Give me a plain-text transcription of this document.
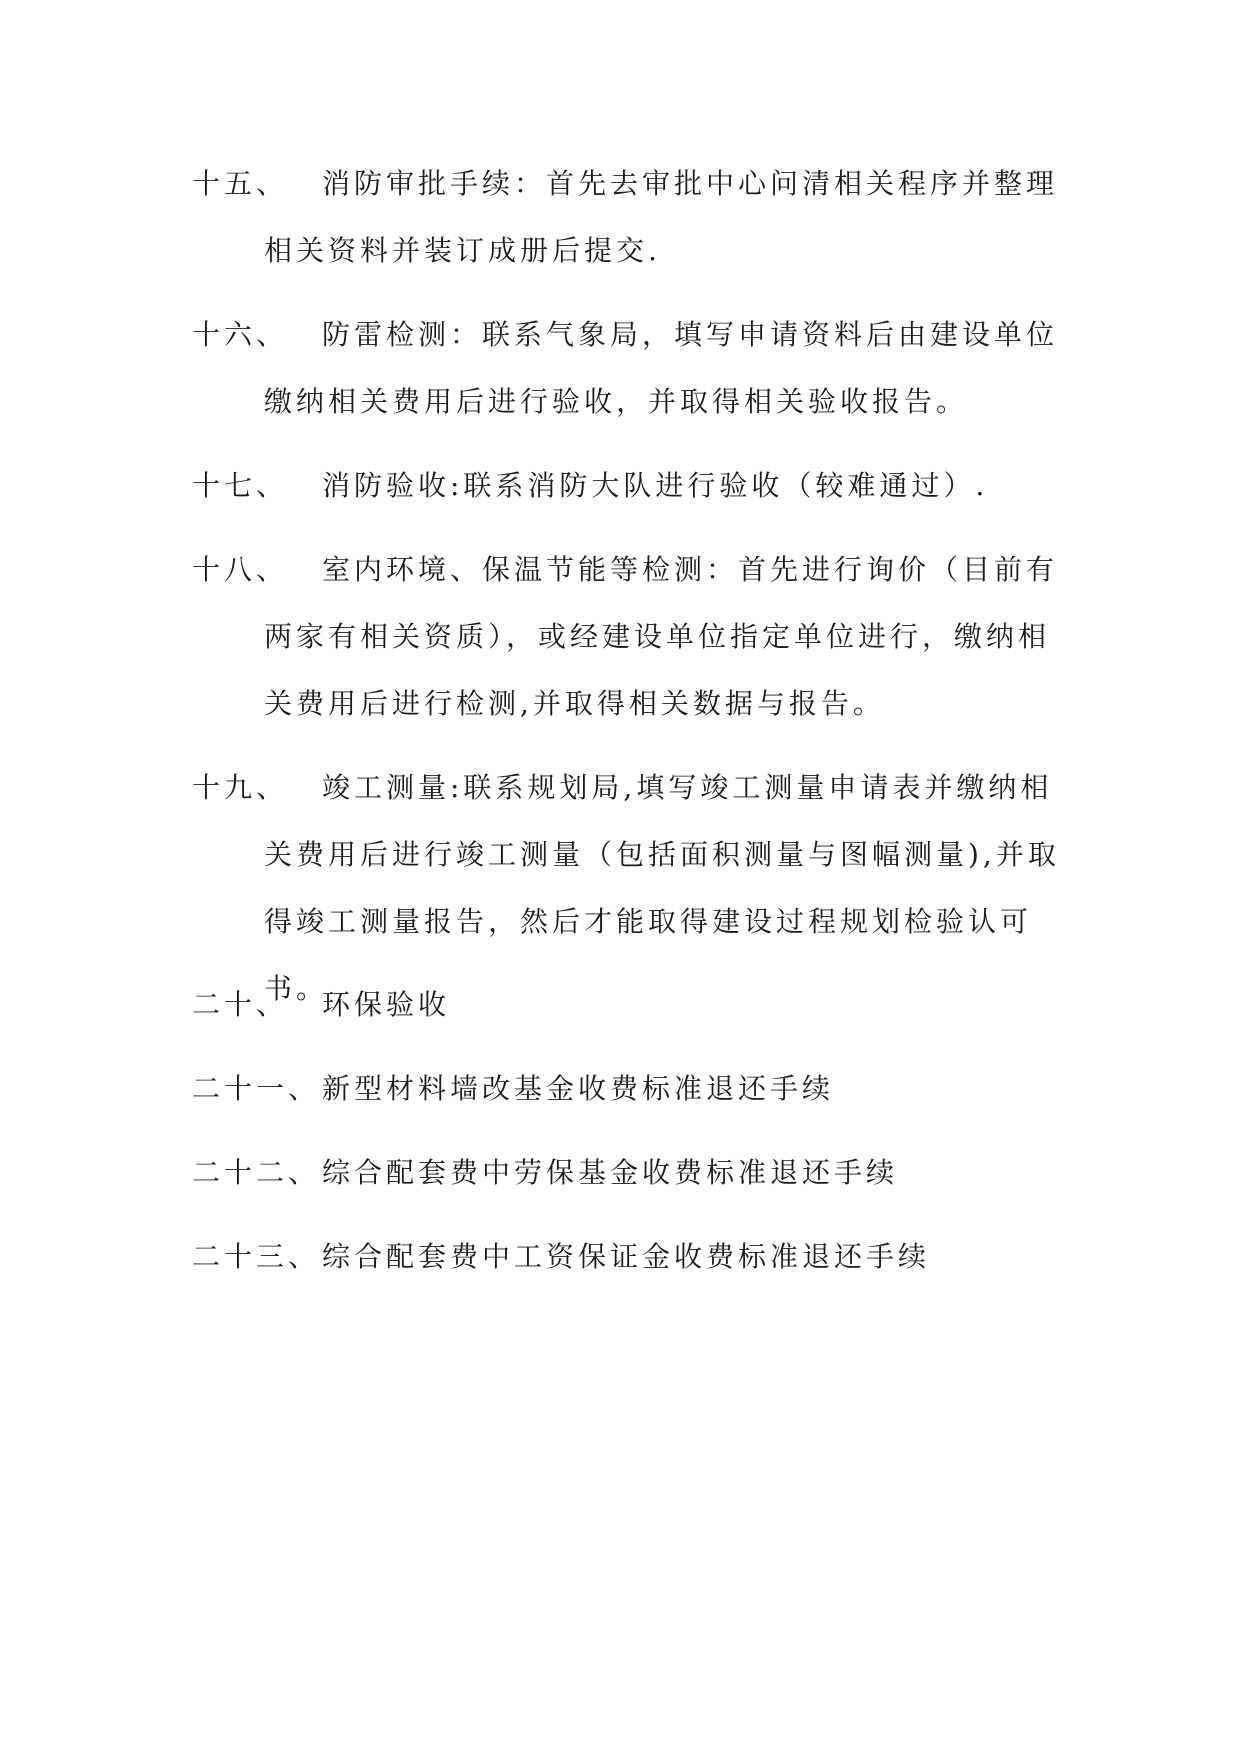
十五、	消防审批手续：首先去审批中心问清相关程序并整理相关资料并装订成册后提交.
十六、	防雷检测：联系气象局，填写申请资料后由建设单位缴纳相关费用后进行验收，并取得相关验收报告。
十七、	消防验收:联系消防大队进行验收（较难通过）.
十八、	室内环境、保温节能等检测：首先进行询价（目前有两家有相关资质），或经建设单位指定单位进行，缴纳相关费用后进行检测,并取得相关数据与报告。
十九、	竣工测量:联系规划局,填写竣工测量申请表并缴纳相关费用后进行竣工测量（包括面积测量与图幅测量),并取得竣工测量报告，然后才能取得建设过程规划检验认可书。
二十、	环保验收
二十一、 新型材料墙改基金收费标准退还手续
二十二、 综合配套费中劳保基金收费标准退还手续
二十三、 综合配套费中工资保证金收费标准退还手续
